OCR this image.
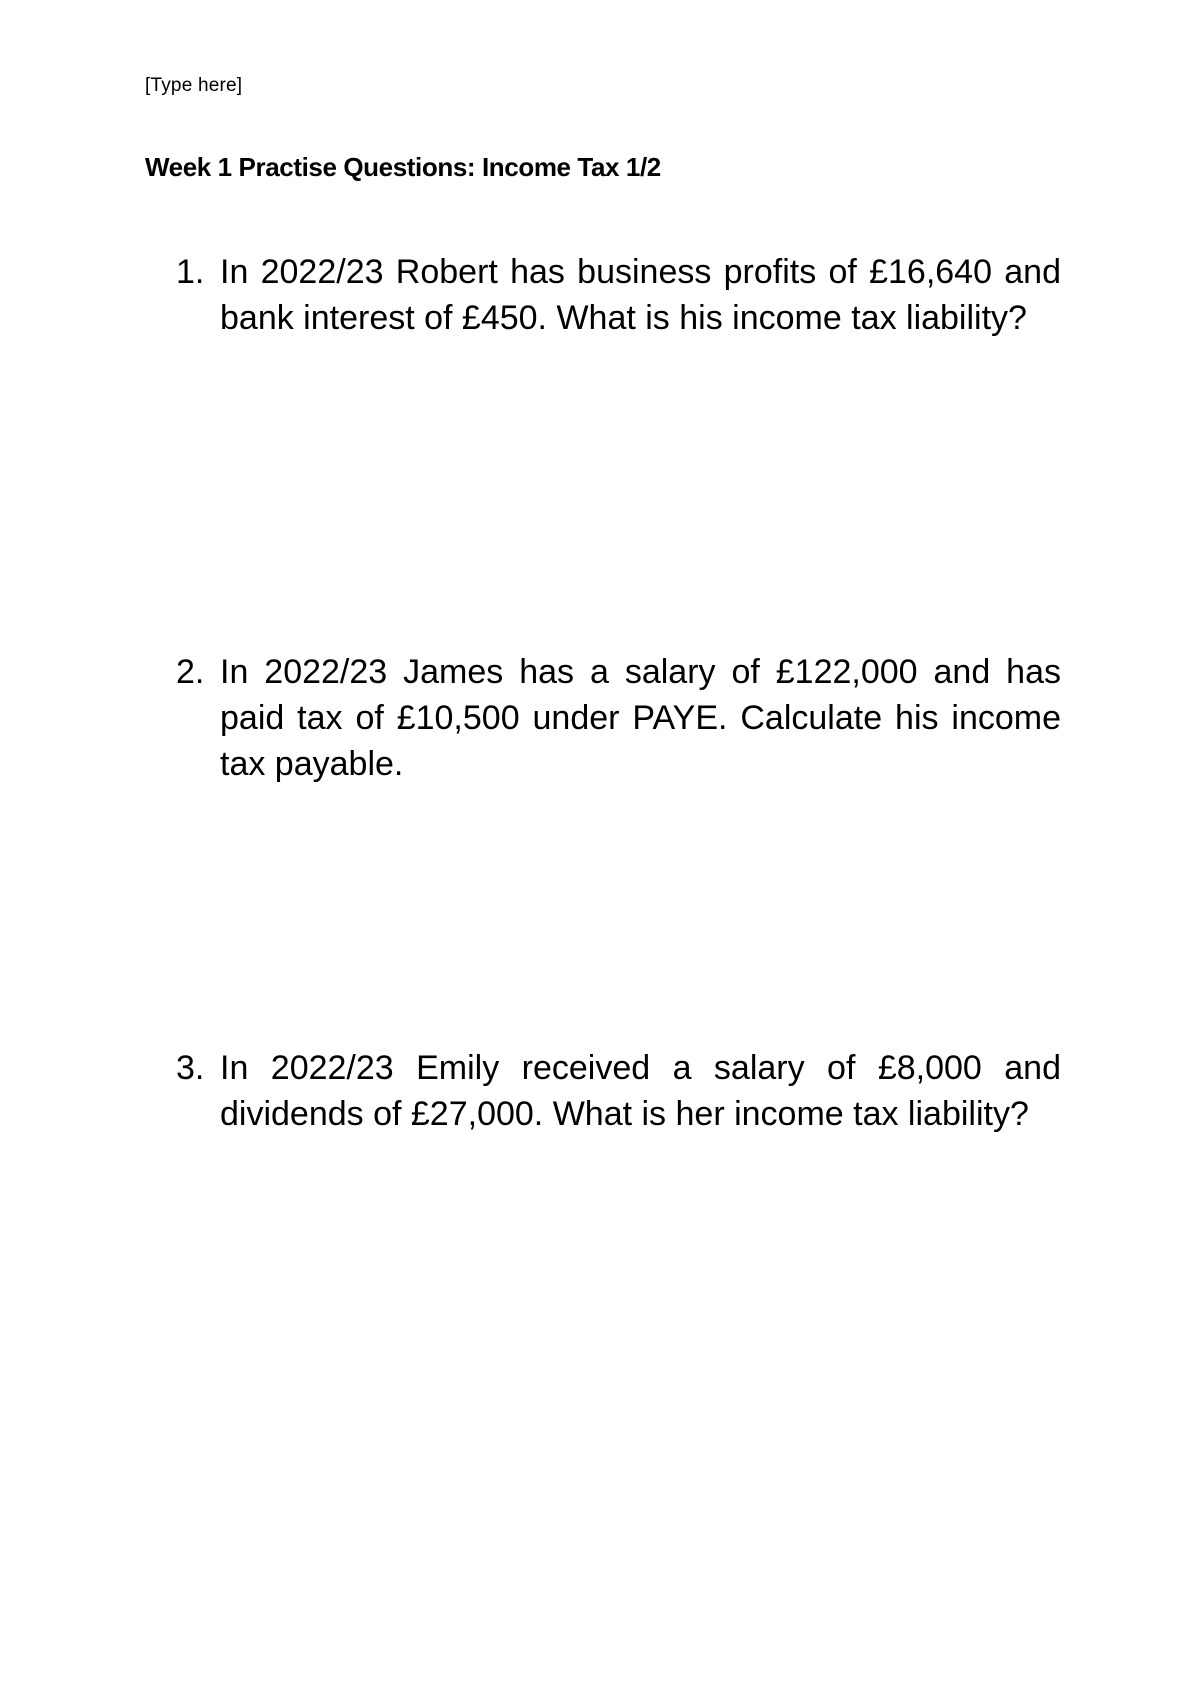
[Type here]
Week 1 Practise Questions: Income Tax 1/2
1. In 2022/23 Robert has business profits of £16,640 and bank interest of £450. What is his income tax liability?
2. In 2022/23 James has a salary of £122,000 and has paid tax of £10,500 under PAYE. Calculate his income tax payable.
3. In 2022/23 Emily received a salary of £8,000 and dividends of £27,000. What is her income tax liability?
